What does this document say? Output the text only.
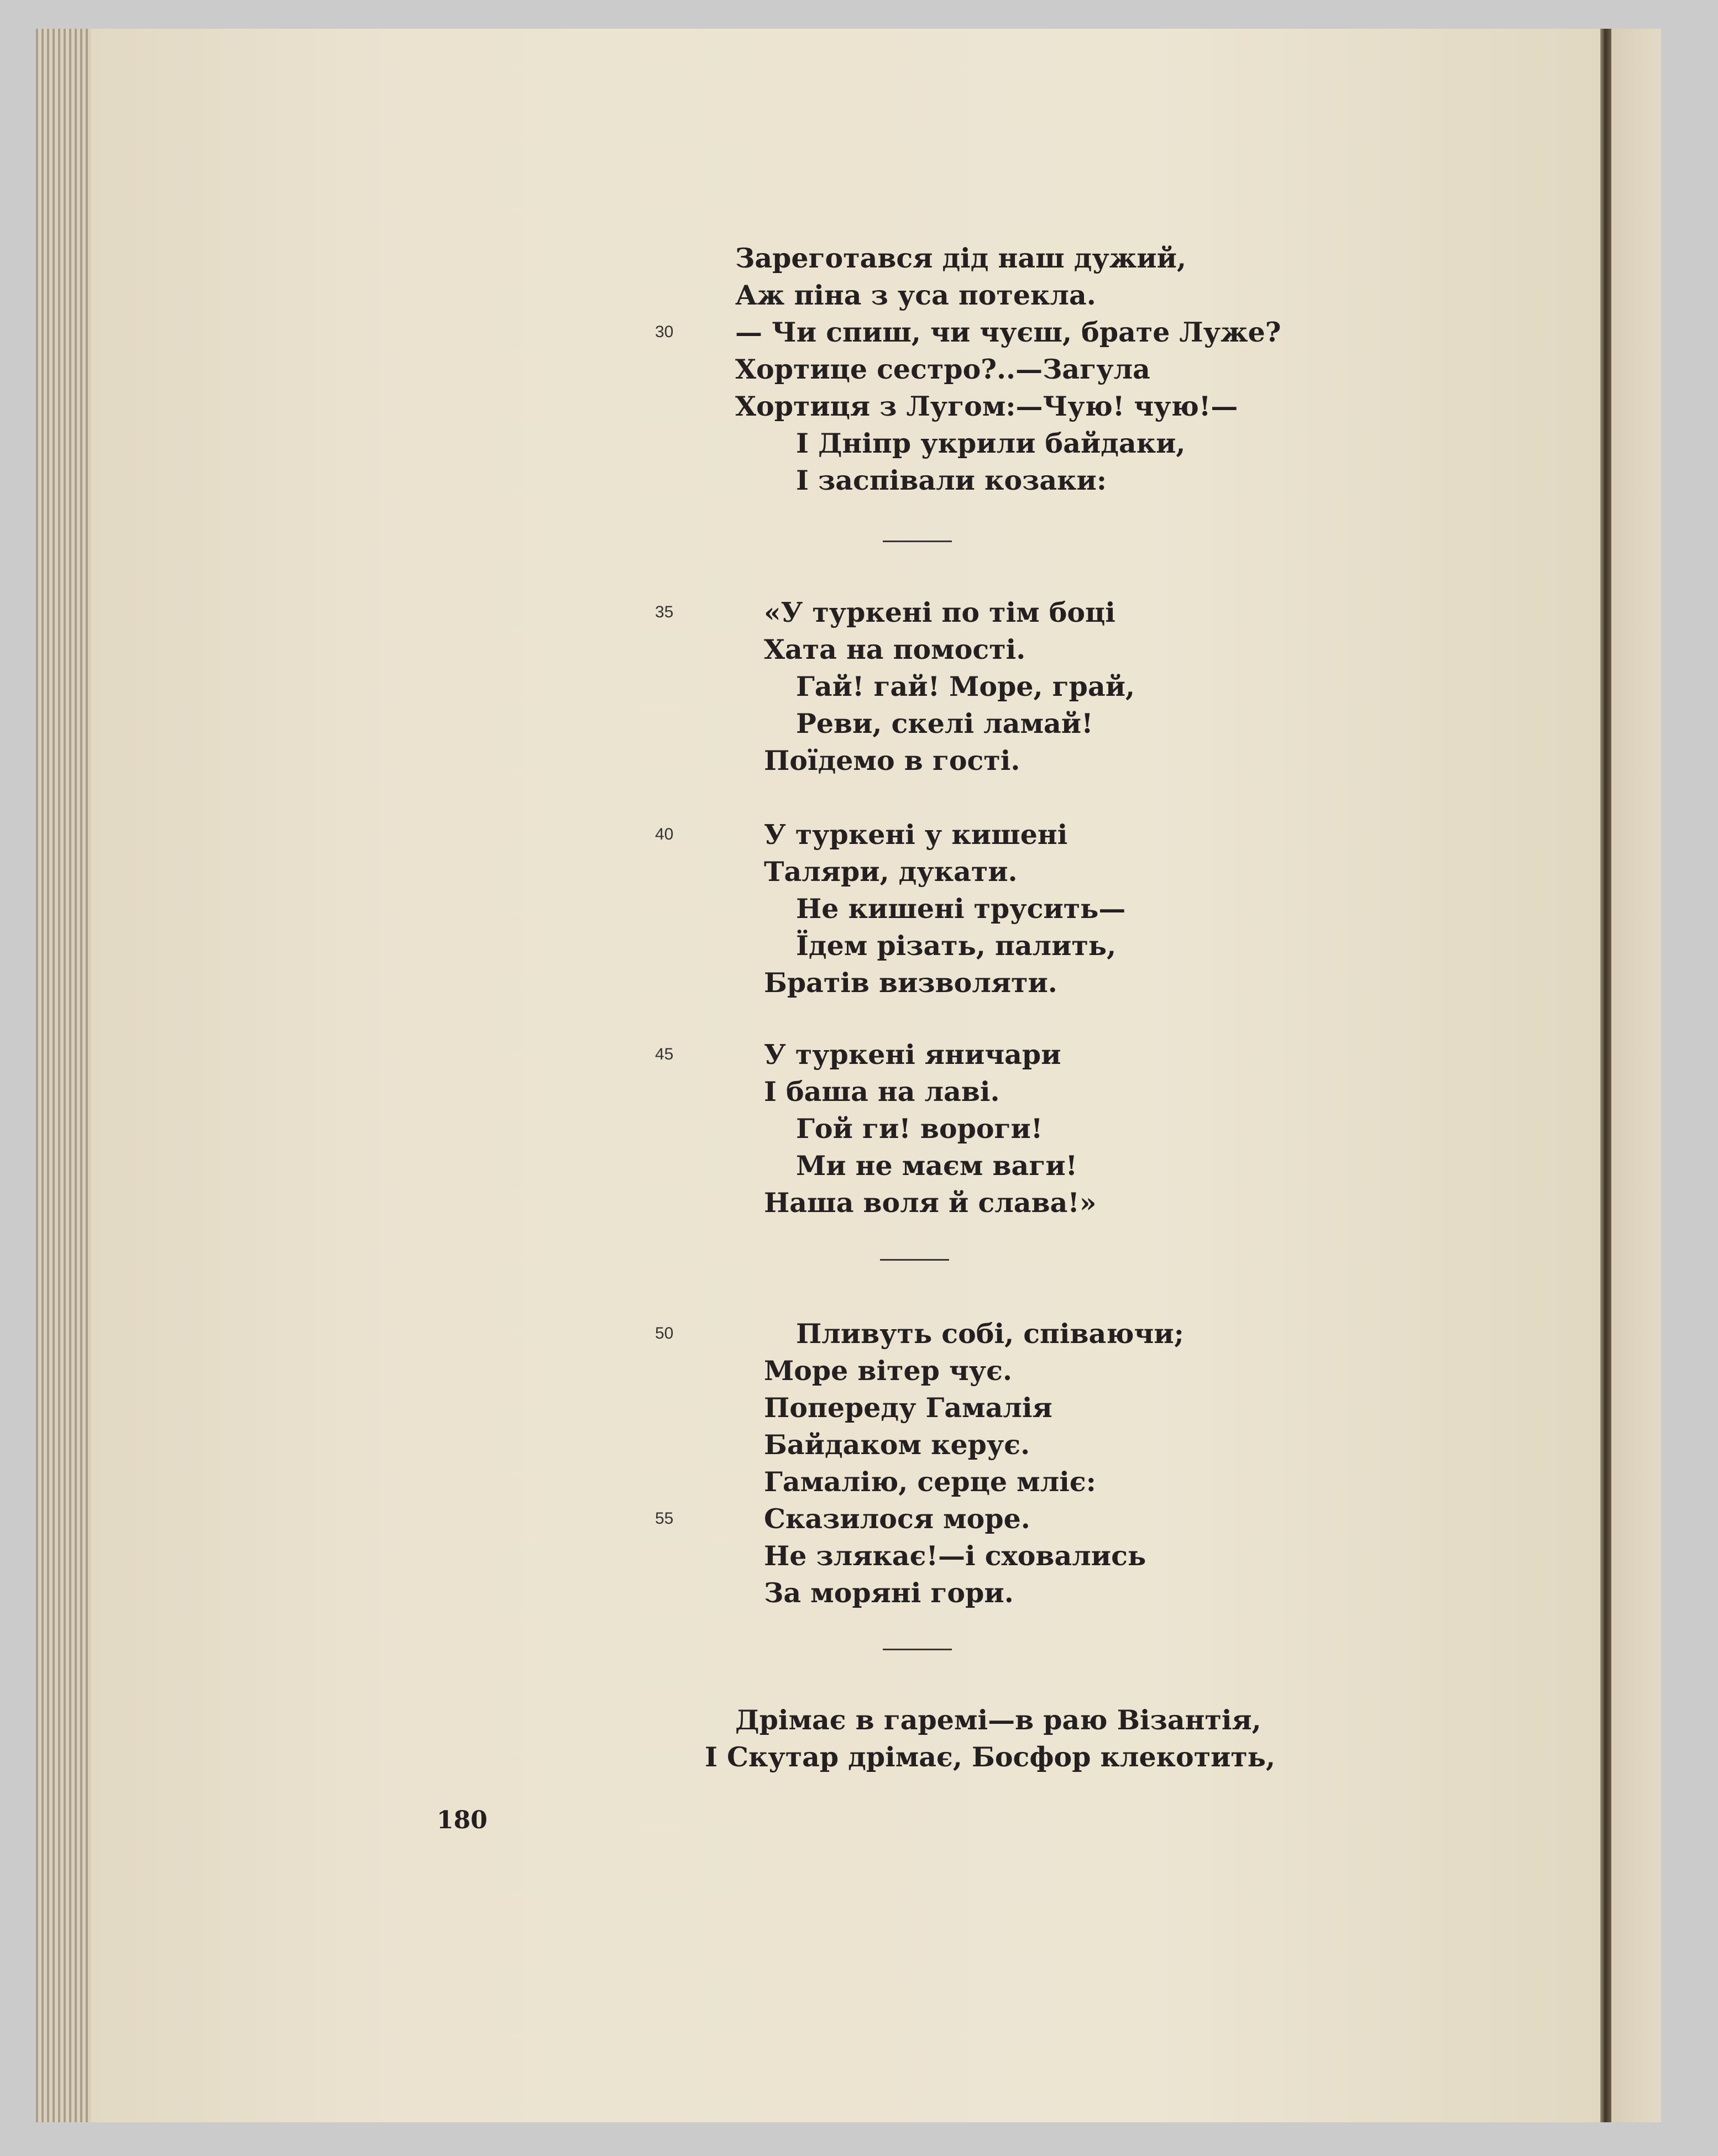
Зареготався дід наш дужий,
Аж піна з уса потекла.
30	— Чи спиш, чи чуєш, брате Луже?
Хортице сестро?..—Загула
Хортиця з Лугом:—Чую! чую!—
І Дніпр укрили байдаки,
І заспівали козаки:
35	«У туркені по тім боці
Хата на помості.
Гай! гай! Море, грай,
Реви, скелі ламай!
Поїдемо в гості.
40	У туркені у кишені
Таляри, дукати.
Не кишені трусить—
Їдем різать, палить,
Братів визволяти.
45	У туркені яничари
І баша на лаві.
Гой ги! вороги!
Ми не маєм ваги!
Наша воля й слава!»
50	Пливуть собі, співаючи;
Море вітер чує.
Попереду Гамалія
Байдаком керує.
Гамалію, серце мліє:
55	Сказилося море.
Не злякає!—і сховались
За моряні гори.
Дрімає в гаремі—в раю Візантія,
І Скутар дрімає, Босфор клекотить,
180
